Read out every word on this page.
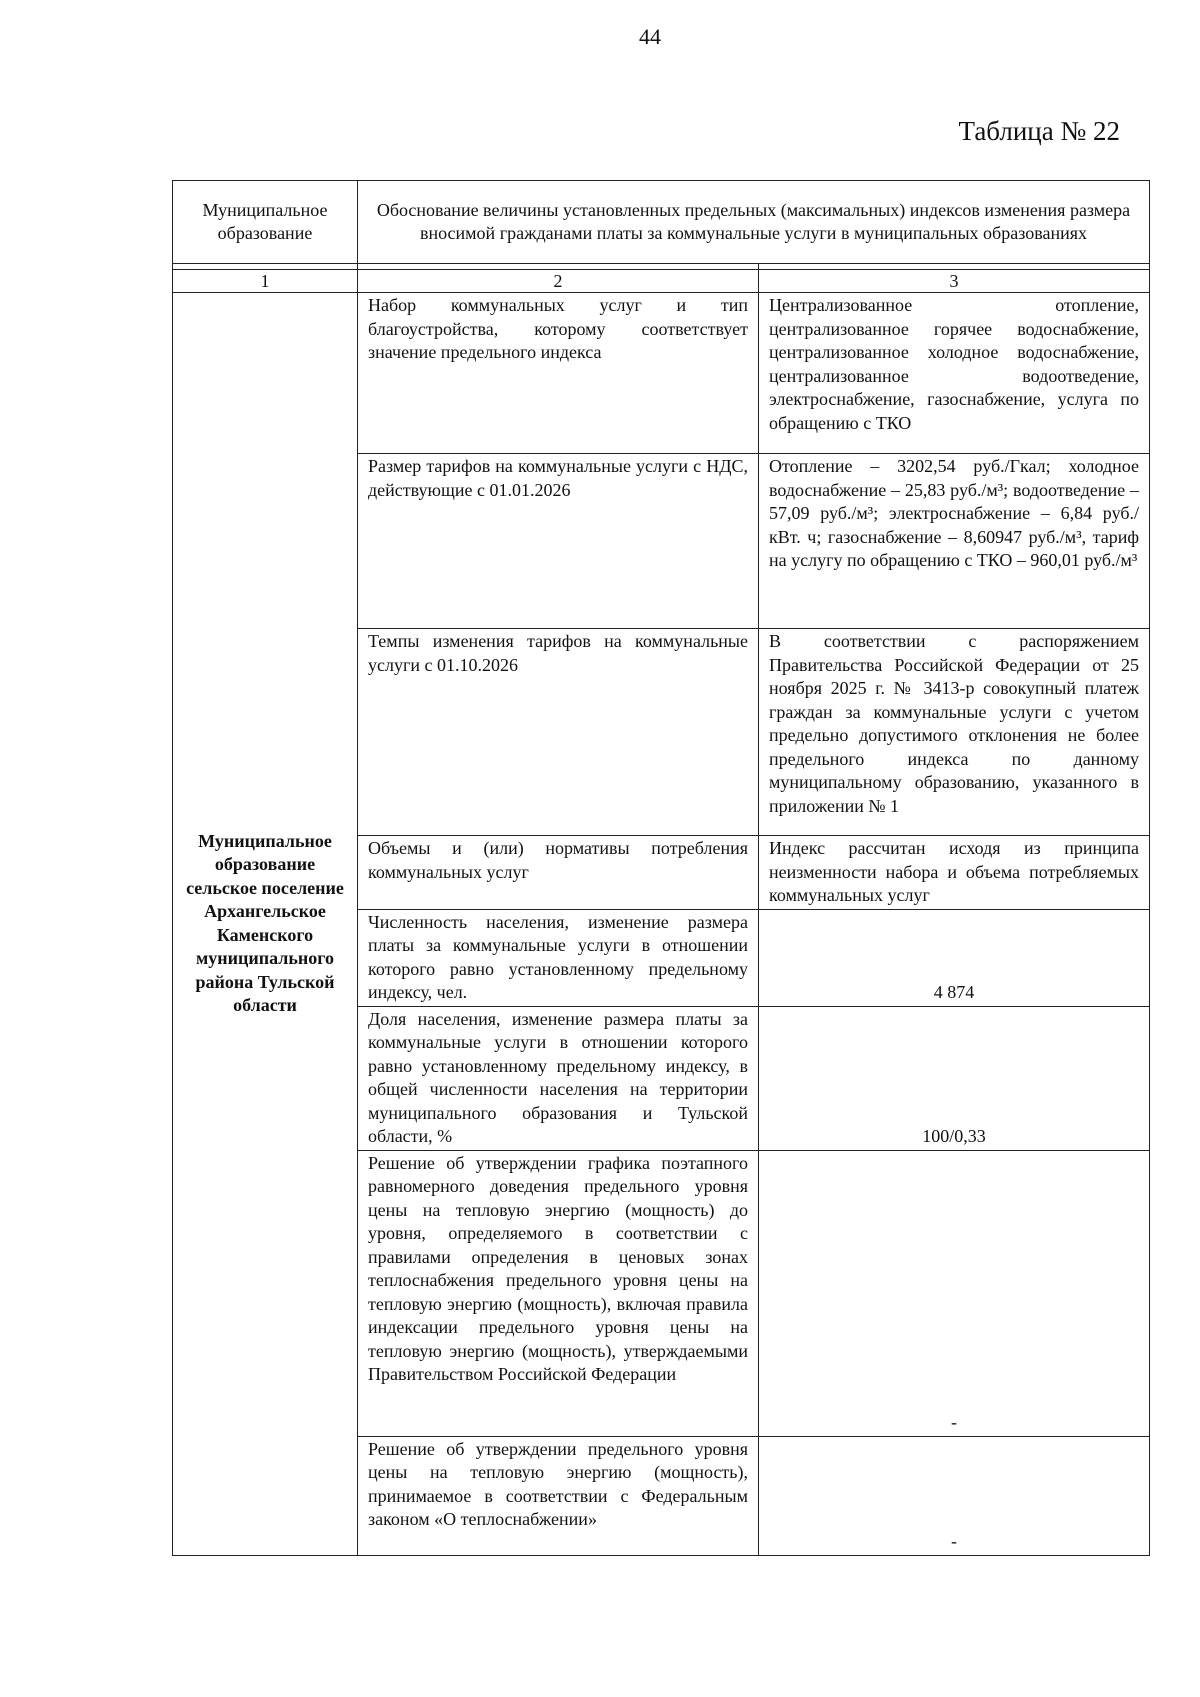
44
Таблица № 22
Муниципальное образование	Обоснование величины установленных предельных (максимальных) индексов изменения размера вносимой гражданами платы за коммунальные услуги в муниципальных образованиях	

1	2	3
Муниципальное образование сельское поселение Архангельское Каменского муниципального района Тульской области	Набор коммунальных услуг и тип благоустройства, которому соответствует значение предельного индекса	Централизованное отопление, централизованное горячее водоснабжение, централизованное холодное водоснабжение, централизованное водоотведение, электроснабжение, газоснабжение, услуга по обращению с ТКО
	Размер тарифов на коммунальные услуги с НДС, действующие с 01.01.2026	Отопление – 3202,54 руб./Гкал; холодное водоснабжение – 25,83 руб./м³; водоотведение – 57,09 руб./м³; электроснабжение – 6,84 руб./кВт. ч; газоснабжение – 8,60947 руб./м³, тариф на услугу по обращению с ТКО – 960,01 руб./м³
	Темпы изменения тарифов на коммунальные услуги с 01.10.2026	В соответствии с распоряжением Правительства Российской Федерации от 25 ноября 2025 г. № 3413-р совокупный платеж граждан за коммунальные услуги с учетом предельно допустимого отклонения не более предельного индекса по данному муниципальному образованию, указанного в приложении № 1
	Объемы и (или) нормативы потребления коммунальных услуг	Индекс рассчитан исходя из принципа неизменности набора и объема потребляемых коммунальных услуг
	Численность населения, изменение размера платы за коммунальные услуги в отношении которого равно установленному предельному индексу, чел.	4 874
	Доля населения, изменение размера платы за коммунальные услуги в отношении которого равно установленному предельному индексу, в общей численности населения на территории муниципального образования и Тульской области, %	100/0,33
	Решение об утверждении графика поэтапного равномерного доведения предельного уровня цены на тепловую энергию (мощность) до уровня, определяемого в соответствии с правилами определения в ценовых зонах теплоснабжения предельного уровня цены на тепловую энергию (мощность), включая правила индексации предельного уровня цены на тепловую энергию (мощность), утверждаемыми Правительством Российской Федерации	-
	Решение об утверждении предельного уровня цены на тепловую энергию (мощность), принимаемое в соответствии с Федеральным законом «О теплоснабжении»	-
